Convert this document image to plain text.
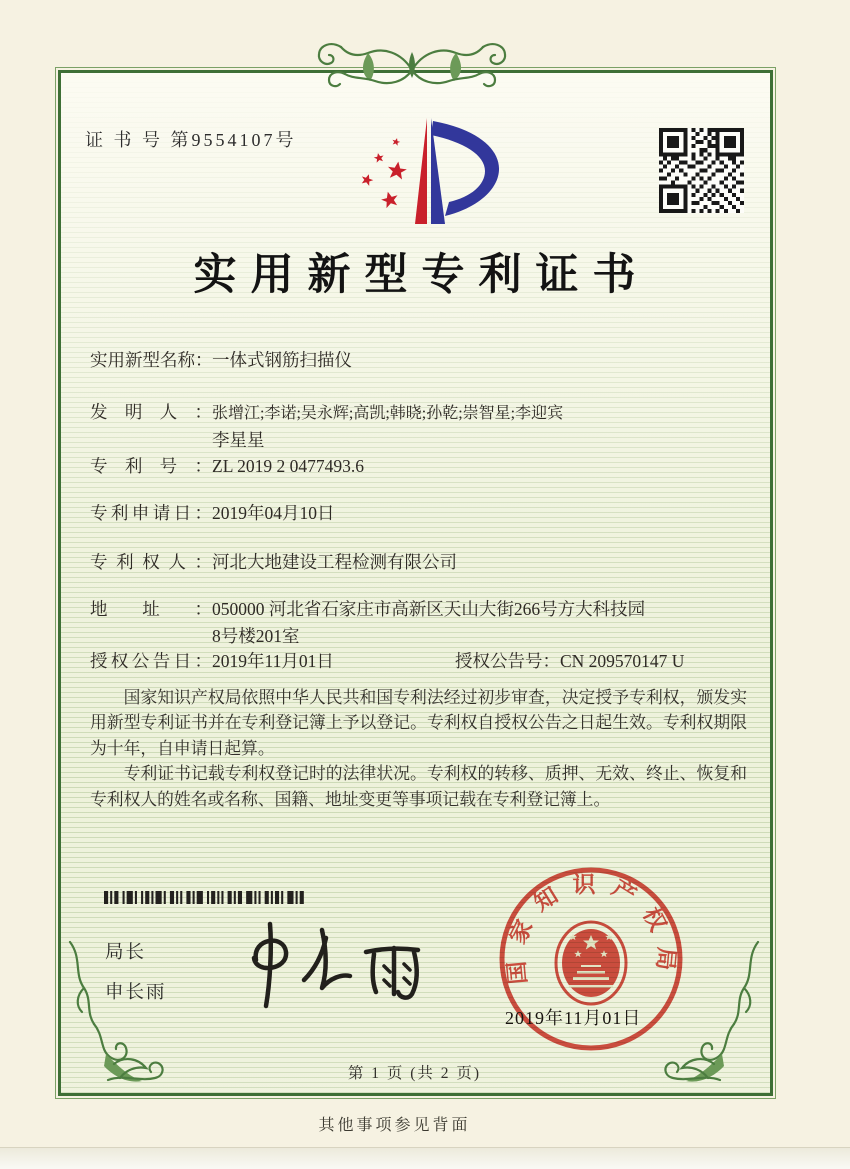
证 书 号 第9554107号
实用新型专利证书
实用新型名称：一体式钢筋扫描仪
发明人：张增江;李诺;吴永辉;高凯;韩晓;孙乾;崇智星;李迎宾
李星星
专利号：ZL 2019 2 0477493.6
专利申请日：2019年04月10日
专利权人：河北大地建设工程检测有限公司
地址：050000 河北省石家庄市高新区天山大街266号方大科技园
8号楼201室
授权公告日：2019年11月01日	授权公告号：CN 209570147 U

国家知识产权局依照中华人民共和国专利法经过初步审查，决定授予专利权，颁发实用新型专利证书并在专利登记簿上予以登记。专利权自授权公告之日起生效。专利权期限为十年，自申请日起算。

专利证书记载专利权登记时的法律状况。专利权的转移、质押、无效、终止、恢复和专利权人的姓名或名称、国籍、地址变更等事项记载在专利登记簿上。

局长
申长雨
国家知识产权局
2019年11月01日
第 1 页 (共 2 页)
其他事项参见背面
